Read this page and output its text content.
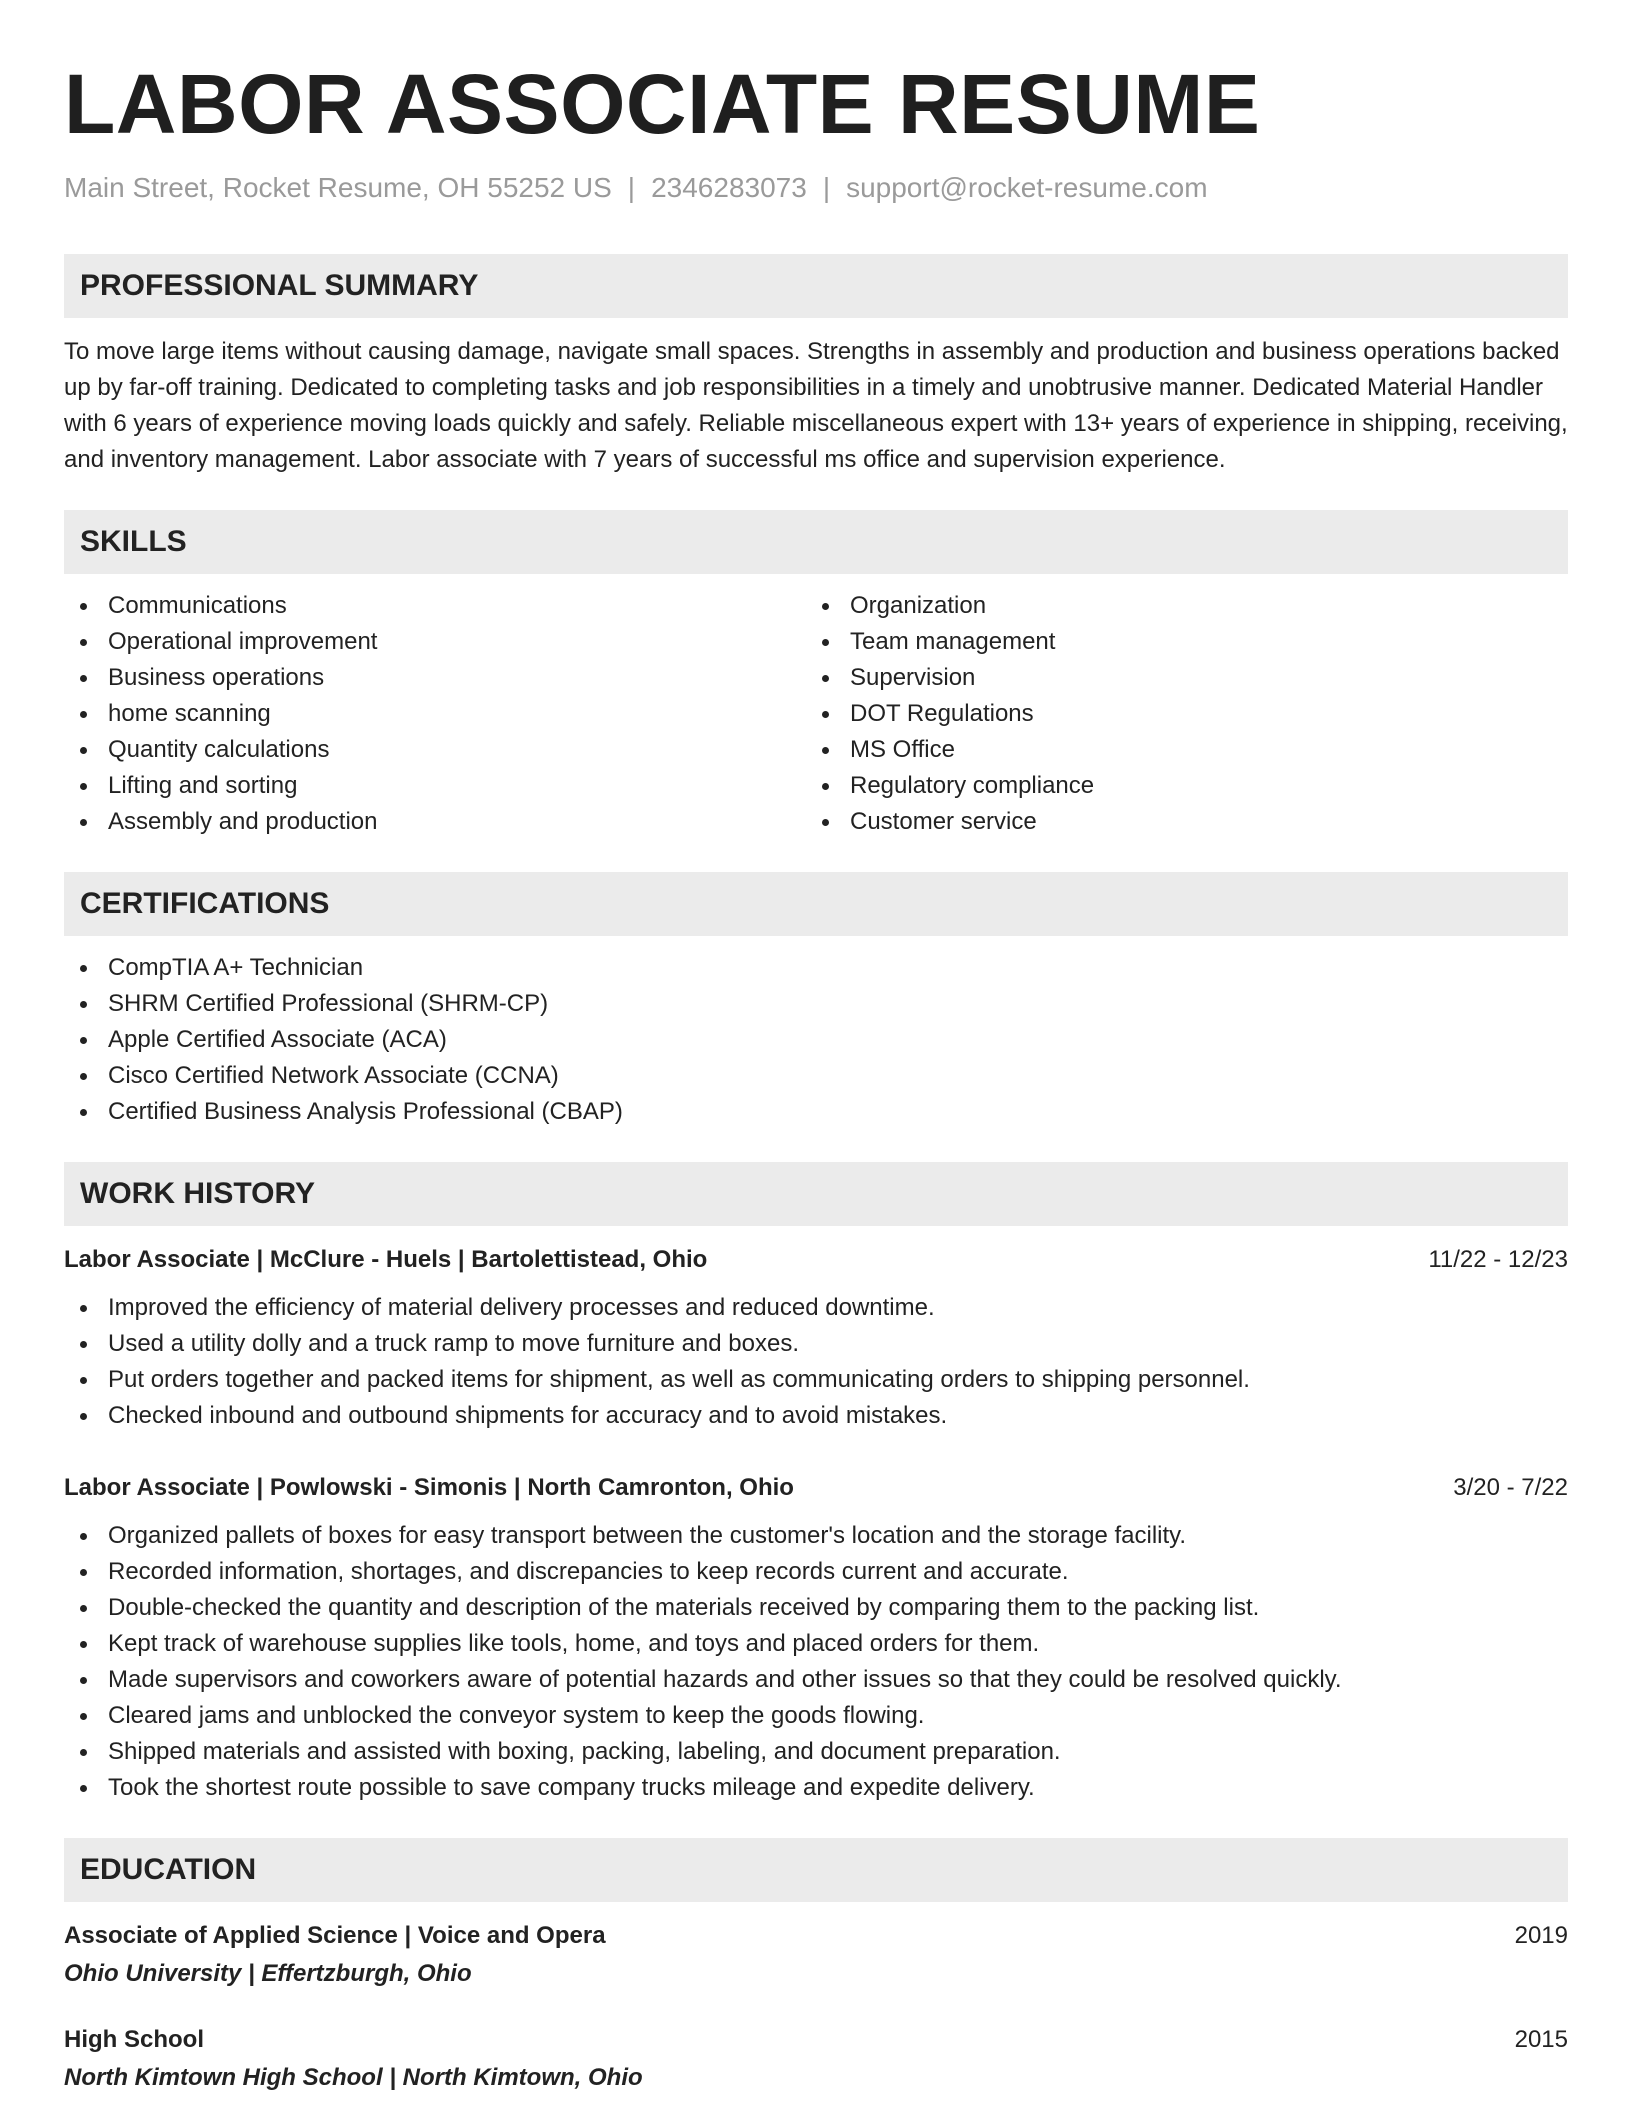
LABOR ASSOCIATE RESUME
Main Street, Rocket Resume, OH 55252 US | 2346283073 | support@rocket-resume.com
PROFESSIONAL SUMMARY
To move large items without causing damage, navigate small spaces. Strengths in assembly and production and business operations backed up by far-off training. Dedicated to completing tasks and job responsibilities in a timely and unobtrusive manner. Dedicated Material Handler with 6 years of experience moving loads quickly and safely. Reliable miscellaneous expert with 13+ years of experience in shipping, receiving, and inventory management. Labor associate with 7 years of successful ms office and supervision experience.
SKILLS
Communications
Operational improvement
Business operations
home scanning
Quantity calculations
Lifting and sorting
Assembly and production
Organization
Team management
Supervision
DOT Regulations
MS Office
Regulatory compliance
Customer service
CERTIFICATIONS
CompTIA A+ Technician
SHRM Certified Professional (SHRM-CP)
Apple Certified Associate (ACA)
Cisco Certified Network Associate (CCNA)
Certified Business Analysis Professional (CBAP)
WORK HISTORY
Labor Associate | McClure - Huels | Bartolettistead, Ohio	11/22 - 12/23
Improved the efficiency of material delivery processes and reduced downtime.
Used a utility dolly and a truck ramp to move furniture and boxes.
Put orders together and packed items for shipment, as well as communicating orders to shipping personnel.
Checked inbound and outbound shipments for accuracy and to avoid mistakes.
Labor Associate | Powlowski - Simonis | North Camronton, Ohio	3/20 - 7/22
Organized pallets of boxes for easy transport between the customer's location and the storage facility.
Recorded information, shortages, and discrepancies to keep records current and accurate.
Double-checked the quantity and description of the materials received by comparing them to the packing list.
Kept track of warehouse supplies like tools, home, and toys and placed orders for them.
Made supervisors and coworkers aware of potential hazards and other issues so that they could be resolved quickly.
Cleared jams and unblocked the conveyor system to keep the goods flowing.
Shipped materials and assisted with boxing, packing, labeling, and document preparation.
Took the shortest route possible to save company trucks mileage and expedite delivery.
EDUCATION
Associate of Applied Science | Voice and Opera	2019
Ohio University | Effertzburgh, Ohio
High School	2015
North Kimtown High School | North Kimtown, Ohio
